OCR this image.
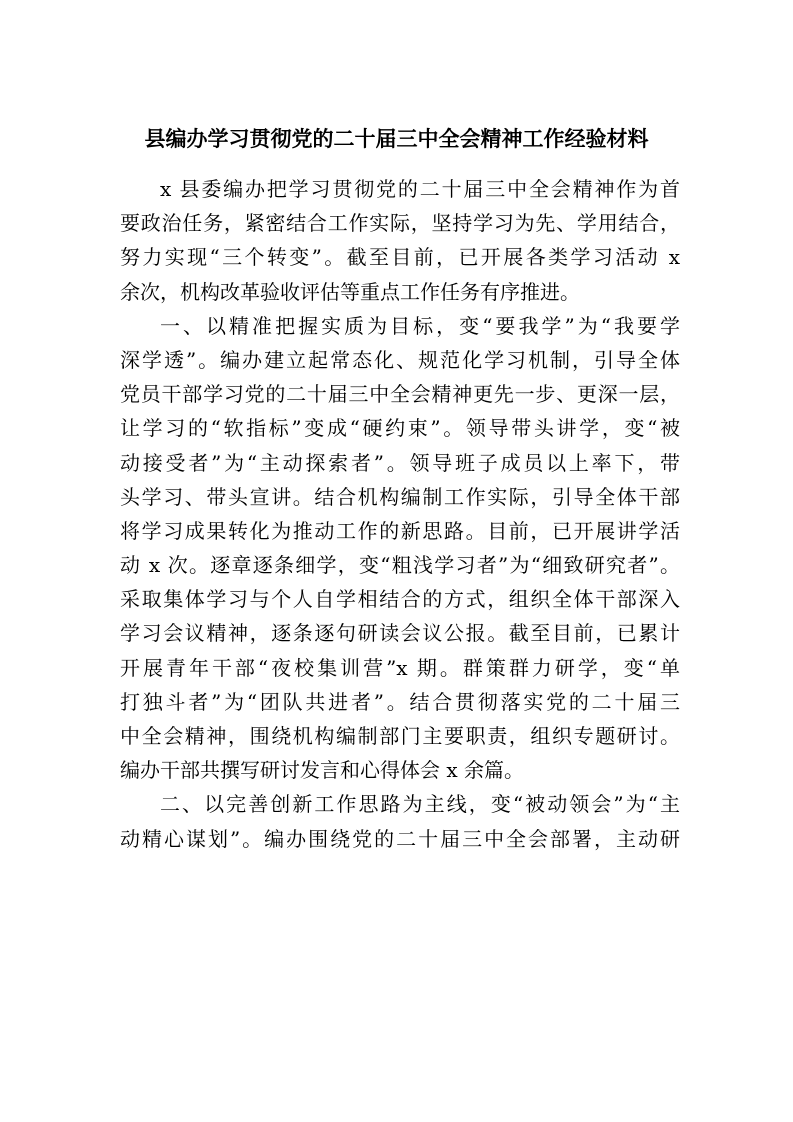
县编办学习贯彻党的二十届三中全会精神工作经验材料
x 县委编办把学习贯彻党的二十届三中全会精神作为首
要政治任务，紧密结合工作实际，坚持学习为先、学用结合，
努力实现“三个转变”。截至目前，已开展各类学习活动 x
余次，机构改革验收评估等重点工作任务有序推进。
一、以精准把握实质为目标，变“要我学”为“我要学
深学透”。编办建立起常态化、规范化学习机制，引导全体
党员干部学习党的二十届三中全会精神更先一步、更深一层，
让学习的“软指标”变成“硬约束”。领导带头讲学，变“被
动接受者”为“主动探索者”。领导班子成员以上率下，带
头学习、带头宣讲。结合机构编制工作实际，引导全体干部
将学习成果转化为推动工作的新思路。目前，已开展讲学活
动 x 次。逐章逐条细学，变“粗浅学习者”为“细致研究者”。
采取集体学习与个人自学相结合的方式，组织全体干部深入
学习会议精神，逐条逐句研读会议公报。截至目前，已累计
开展青年干部“夜校集训营”x 期。群策群力研学，变“单
打独斗者”为“团队共进者”。结合贯彻落实党的二十届三
中全会精神，围绕机构编制部门主要职责，组织专题研讨。
编办干部共撰写研讨发言和心得体会 x 余篇。
二、以完善创新工作思路为主线，变“被动领会”为“主
动精心谋划”。编办围绕党的二十届三中全会部署，主动研
